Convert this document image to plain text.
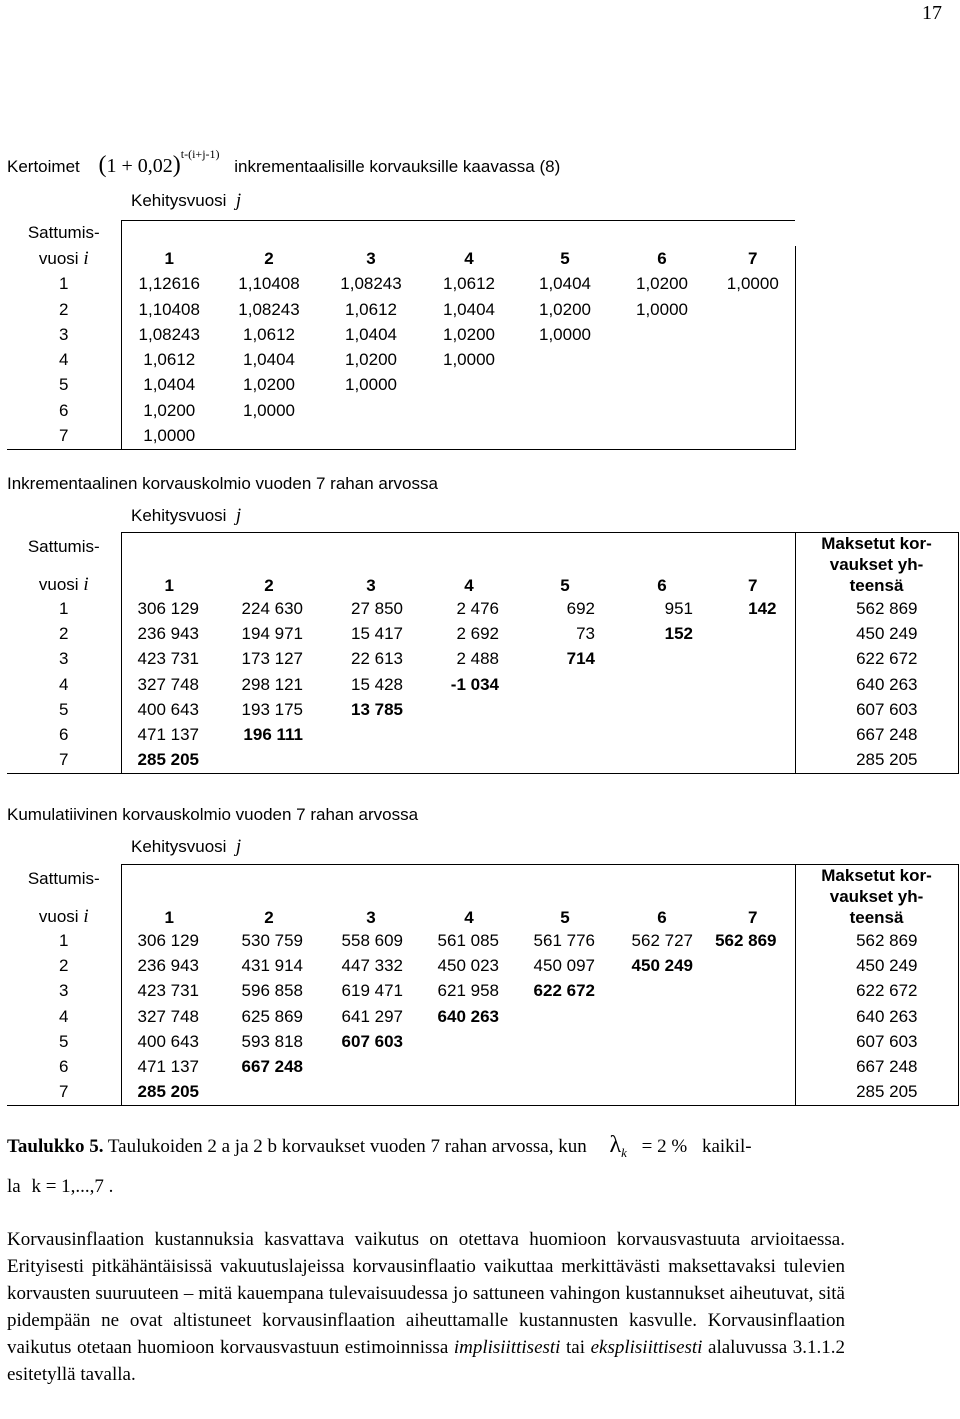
17
Kertoimet $(1 + 0,02)^{t-(i+j-1)}$ inkrementaalisille korvauksille kaavassa (8)
Kehitysvuosi j
Sattumis-							
vuosi i	1	2	3	4	5	6	7
1	1,12616	1,10408	1,08243	1,0612	1,0404	1,0200	1,0000
2	1,10408	1,08243	1,0612	1,0404	1,0200	1,0000	
3	1,08243	1,0612	1,0404	1,0200	1,0000		
4	1,0612	1,0404	1,0200	1,0000			
5	1,0404	1,0200	1,0000				
6	1,0200	1,0000					
7	1,0000						
Inkrementaalinen korvauskolmio vuoden 7 rahan arvossa
Kehitysvuosi j
Sattumis-								Maksetut kor-
vaukset yh-
teensä

vuosi i	1	2	3	4	5	6	7	
1	306 129	224 630	27 850	2 476	692	951	142	562 869
2	236 943	194 971	15 417	2 692	73	152		450 249
3	423 731	173 127	22 613	2 488	714			622 672
4	327 748	298 121	15 428	-1 034				640 263
5	400 643	193 175	13 785					607 603
6	471 137	196 111						667 248
7	285 205							285 205
Kumulatiivinen korvauskolmio vuoden 7 rahan arvossa
Kehitysvuosi j
Sattumis-								Maksetut kor-
vaukset yh-
teensä

vuosi i	1	2	3	4	5	6	7	
1	306 129	530 759	558 609	561 085	561 776	562 727	562 869	562 869
2	236 943	431 914	447 332	450 023	450 097	450 249		450 249
3	423 731	596 858	619 471	621 958	622 672			622 672
4	327 748	625 869	641 297	640 263				640 263
5	400 643	593 818	607 603					607 603
6	471 137	667 248						667 248
7	285 205							285 205
Taulukko 5. Taulukoiden 2 a ja 2 b korvaukset vuoden 7 rahan arvossa, kun $\lambda_k = 2$ % kaikil-
la k = 1,...,7 .
Korvausinflaation kustannuksia kasvattava vaikutus on otettava huomioon korvausvastuuta arvioitaessa. Erityisesti pitkähäntäisissä vakuutuslajeissa korvausinflaatio vaikuttaa merkittävästi maksettavaksi tulevien korvausten suuruuteen – mitä kauempana tulevaisuudessa jo sattuneen vahingon kustannukset aiheutuvat, sitä pidempään ne ovat altistuneet korvausinflaation aiheuttamalle kustannusten kasvulle. Korvausinflaation vaikutus otetaan huomioon korvausvastuun estimoinnissa implisiittisesti tai eksplisiittisesti alaluvussa 3.1.1.2 esitetyllä tavalla.
